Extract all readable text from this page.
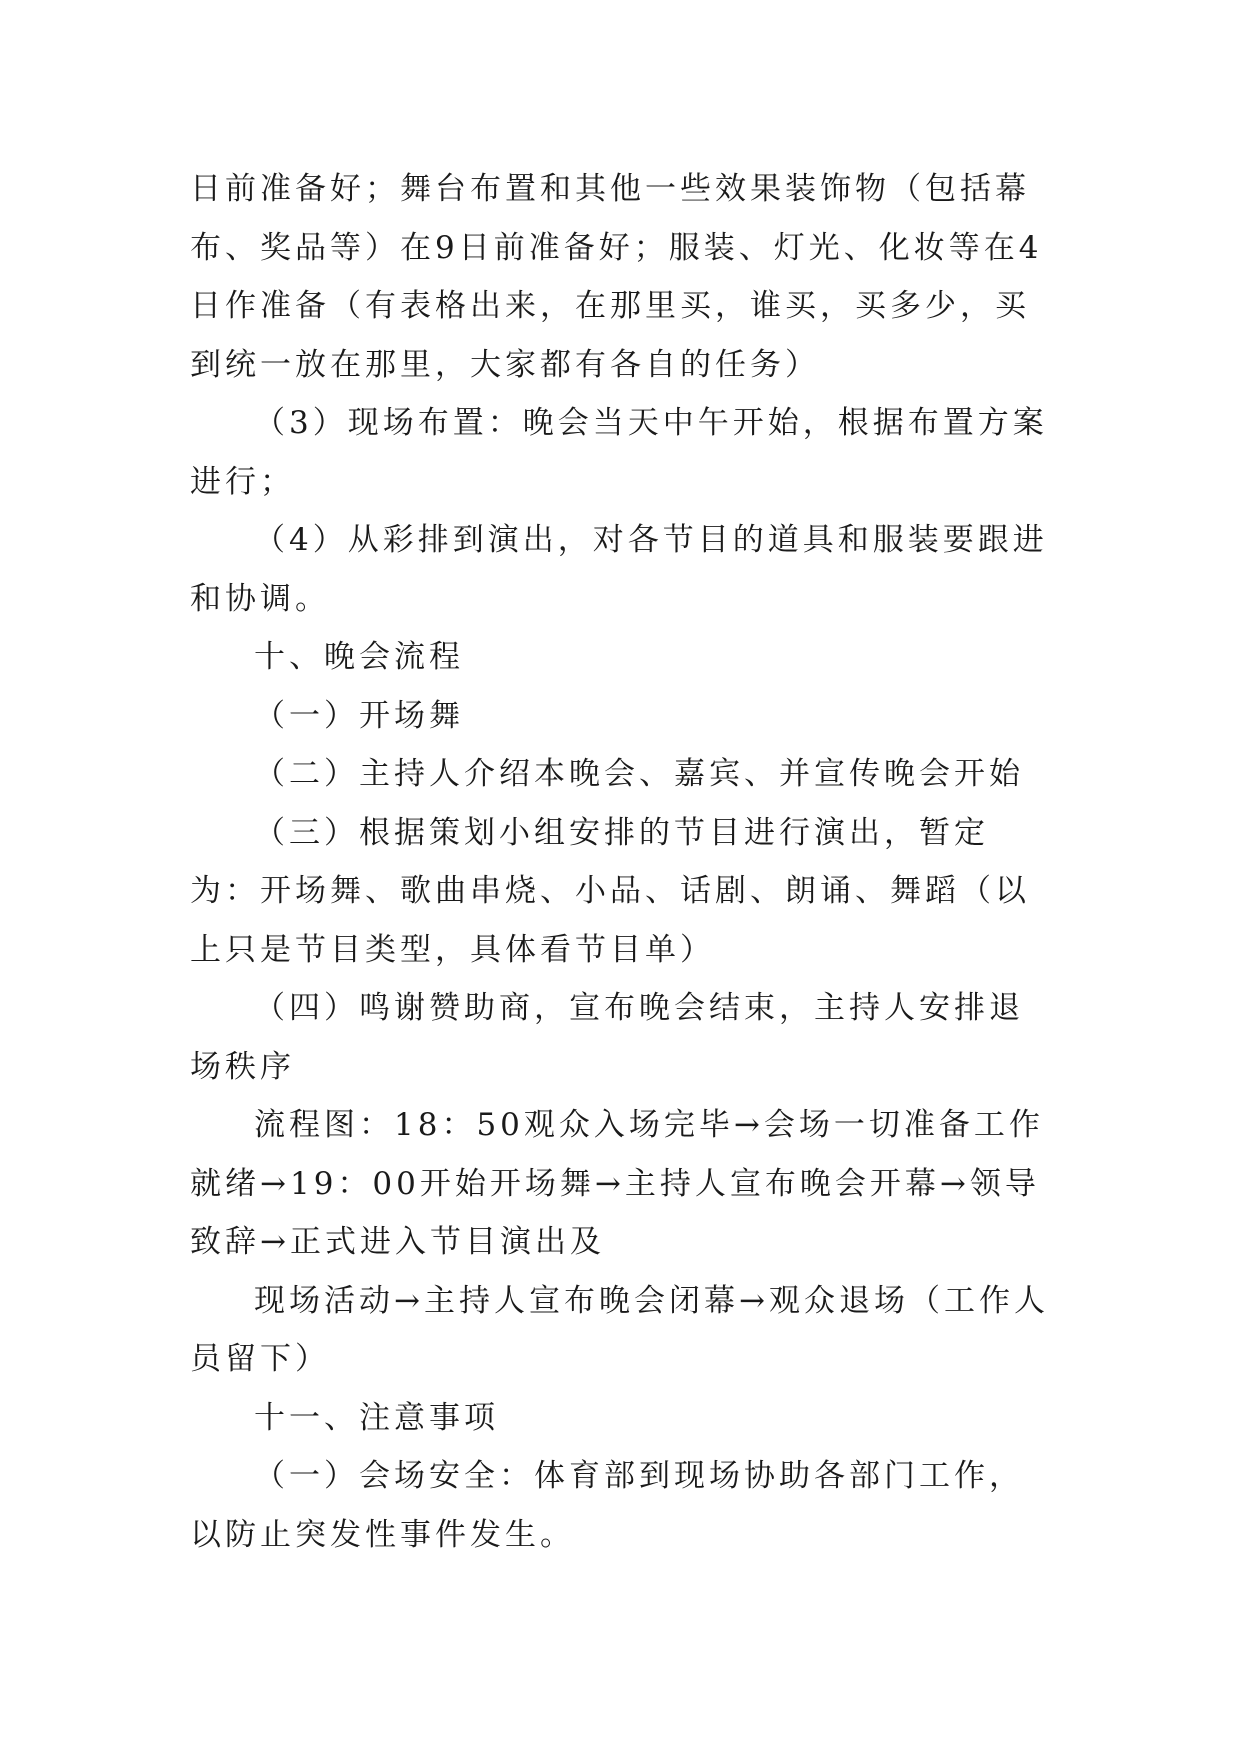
日前准备好；舞台布置和其他一些效果装饰物（包括幕布、奖品等）在9日前准备好；服装、灯光、化妆等在4日作准备（有表格出来，在那里买，谁买，买多少，买到统一放在那里，大家都有各自的任务）

（3）现场布置：晚会当天中午开始，根据布置方案进行；

（4）从彩排到演出，对各节目的道具和服装要跟进和协调。

十、晚会流程

（一）开场舞

（二）主持人介绍本晚会、嘉宾、并宣传晚会开始

（三）根据策划小组安排的节目进行演出，暂定为：开场舞、歌曲串烧、小品、话剧、朗诵、舞蹈（以上只是节目类型，具体看节目单）

（四）鸣谢赞助商，宣布晚会结束，主持人安排退场秩序

流程图：18：50观众入场完毕→会场一切准备工作就绪→19：00开始开场舞→主持人宣布晚会开幕→领导致辞→正式进入节目演出及

现场活动→主持人宣布晚会闭幕→观众退场（工作人员留下）

十一、注意事项

（一）会场安全：体育部到现场协助各部门工作，以防止突发性事件发生。
